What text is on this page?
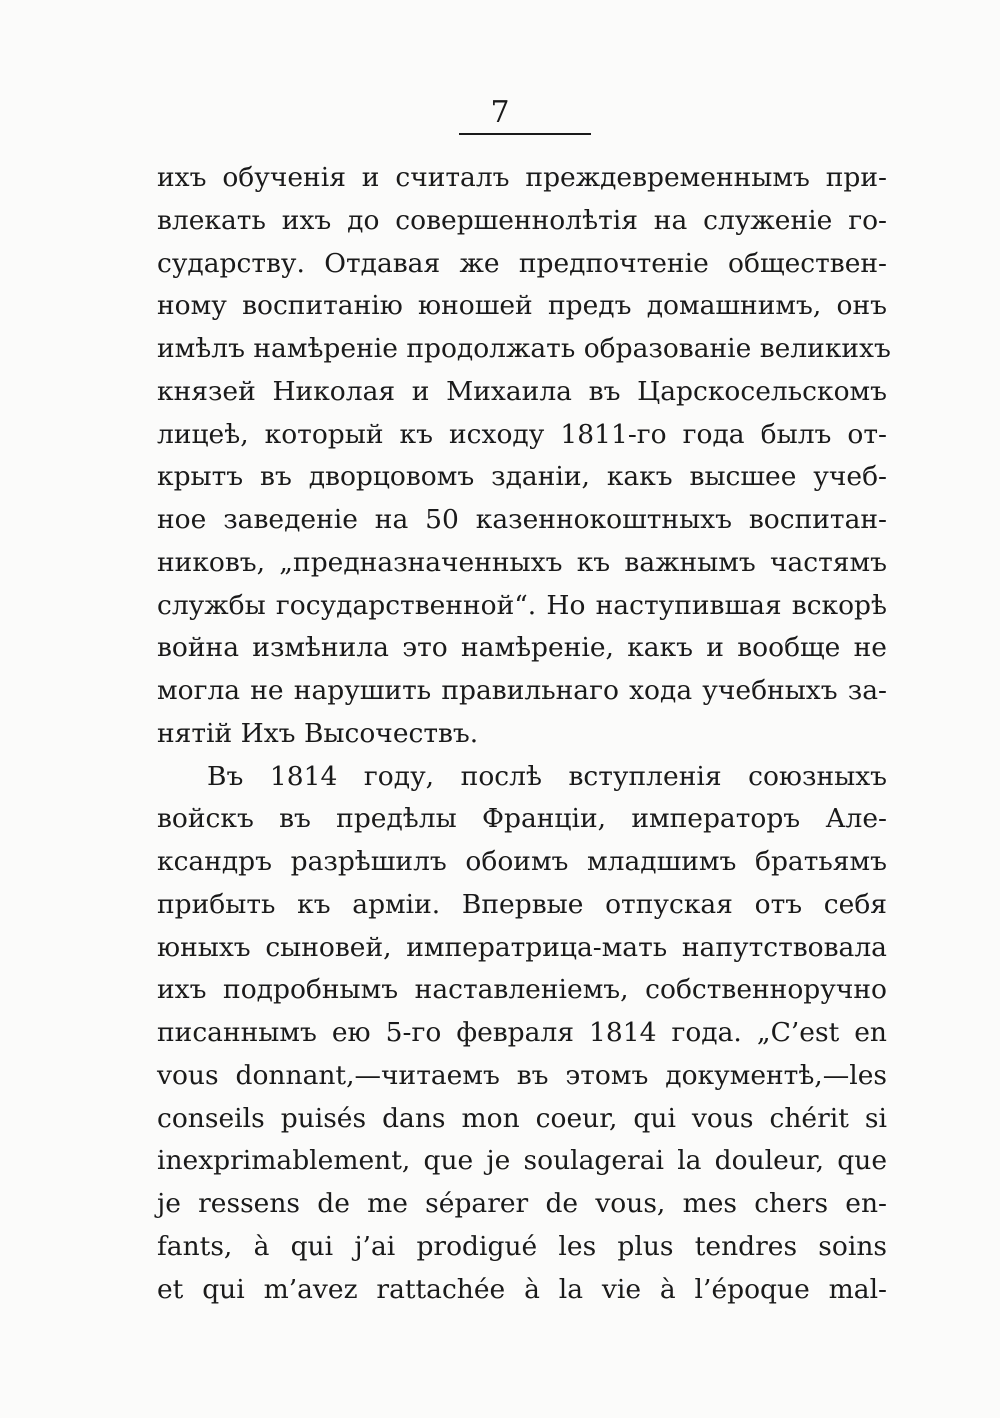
7
ихъ обученія и считалъ преждевременнымъ при-
влекать ихъ до совершеннолѣтія на служеніе го-
сударству. Отдавая же предпочтеніе обществен-
ному воспитанію юношей предъ домашнимъ, онъ
имѣлъ намѣреніе продолжать образованіе великихъ
князей Николая и Михаила въ Царскосельскомъ
лицеѣ, который къ исходу 1811-го года былъ от-
крытъ въ дворцовомъ зданіи, какъ высшее учеб-
ное заведеніе на 50 казеннокоштныхъ воспитан-
никовъ, „предназначенныхъ къ важнымъ частямъ
службы государственной“. Но наступившая вскорѣ
война измѣнила это намѣреніе, какъ и вообще не
могла не нарушить правильнаго хода учебныхъ за-
нятій Ихъ Высочествъ.
Въ 1814 году, послѣ вступленія союзныхъ
войскъ въ предѣлы Франціи, императоръ Але-
ксандръ разрѣшилъ обоимъ младшимъ братьямъ
прибыть къ арміи. Впервые отпуская отъ себя
юныхъ сыновей, императрица-мать напутствовала
ихъ подробнымъ наставленіемъ, собственноручно
писаннымъ ею 5-го февраля 1814 года. „C’est en
vous donnant,—читаемъ въ этомъ документѣ,—les
conseils puisés dans mon coeur, qui vous chérit si
inexprimablement, que je soulagerai la douleur, que
je ressens de me séparer de vous, mes chers en-
fants, à qui j’ai prodigué les plus tendres soins
et qui m’avez rattachée à la vie à l’époque mal-
